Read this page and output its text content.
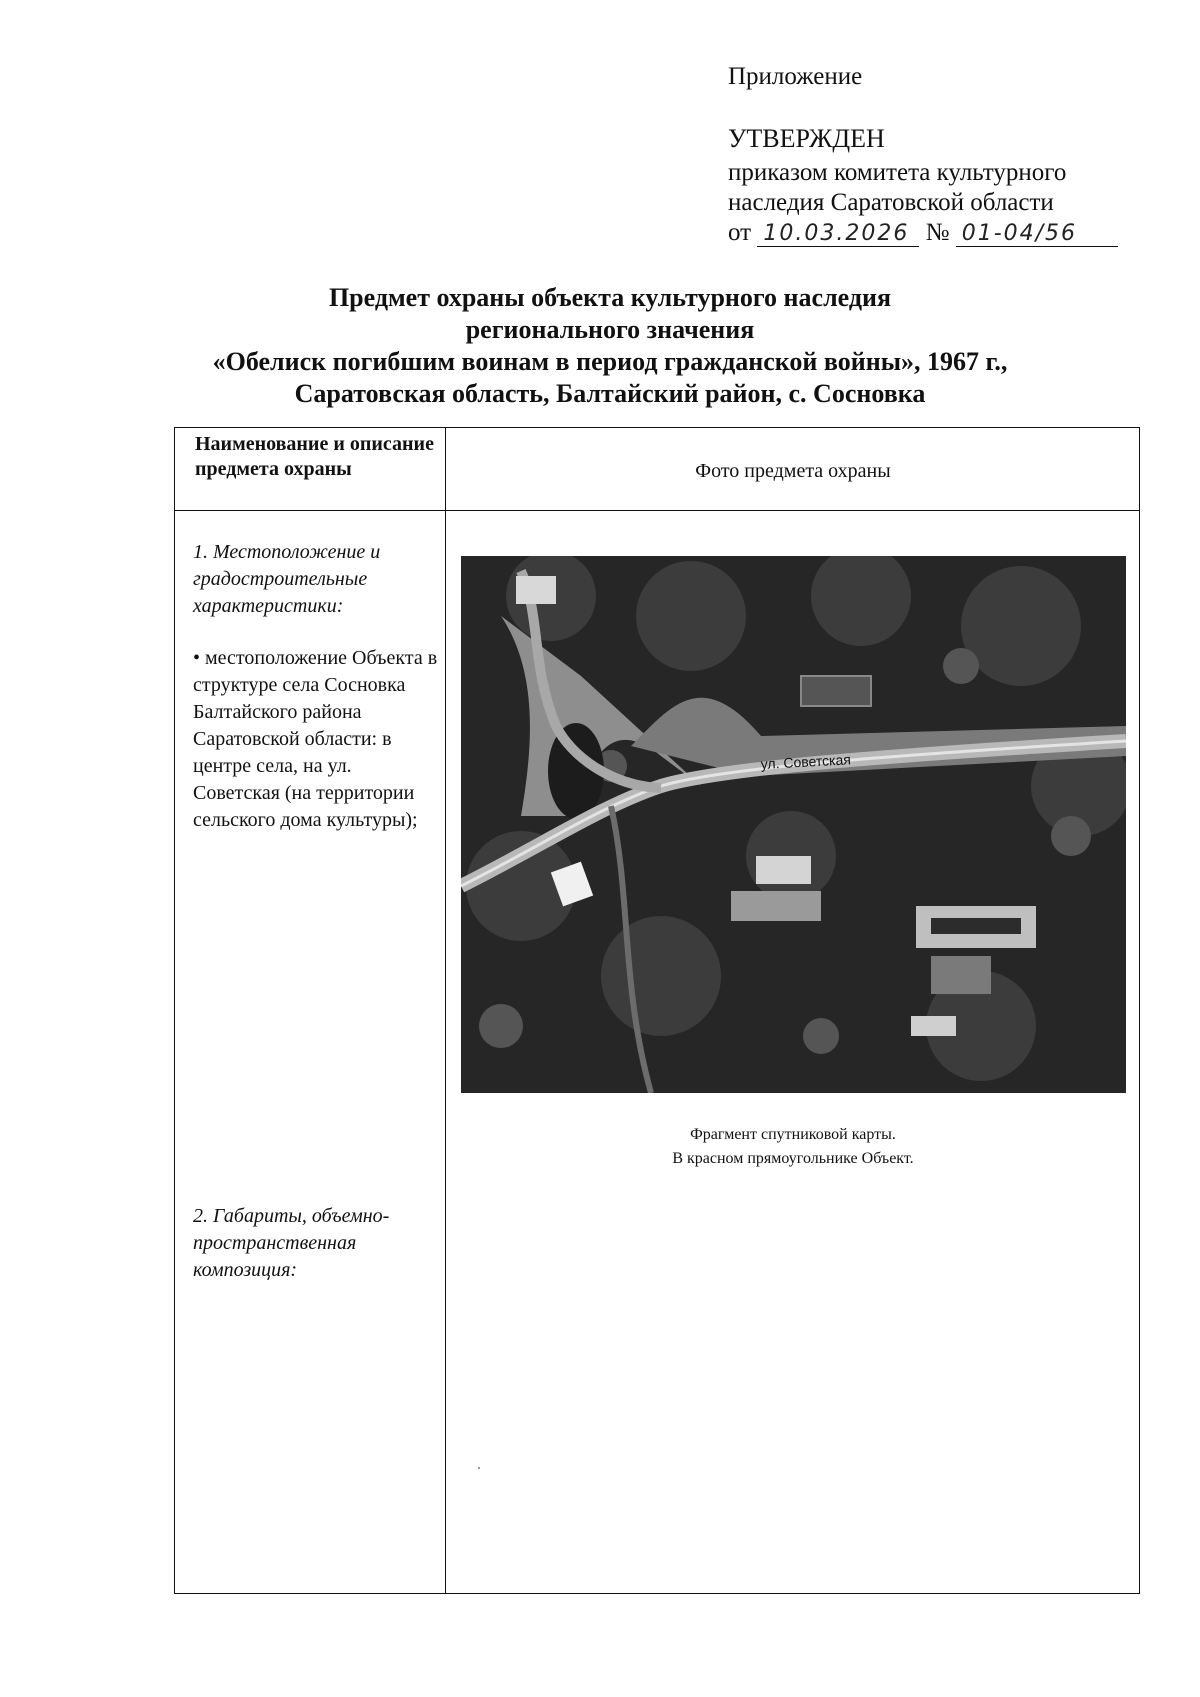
Приложение
УТВЕРЖДЕН
приказом комитета культурного
наследия Саратовской области
от 10.03.2026 № 01-04/56
Предмет охраны объекта культурного наследия
регионального значения
«Обелиск погибшим воинам в период гражданской войны», 1967 г.,
Саратовская область, Балтайский район, с. Сосновка
Наименование и описание предмета охраны	Фото предмета охраны
1. Местоположение и градостроительные характеристики:
• местоположение Объекта в структуре села Сосновка Балтайского района Саратовской области: в центре села, на ул. Советская (на территории сельского дома культуры);
ул. Советская
Фрагмент спутниковой карты.
В красном прямоугольнике Объект.
2. Габариты, объемно-пространственная композиция:
